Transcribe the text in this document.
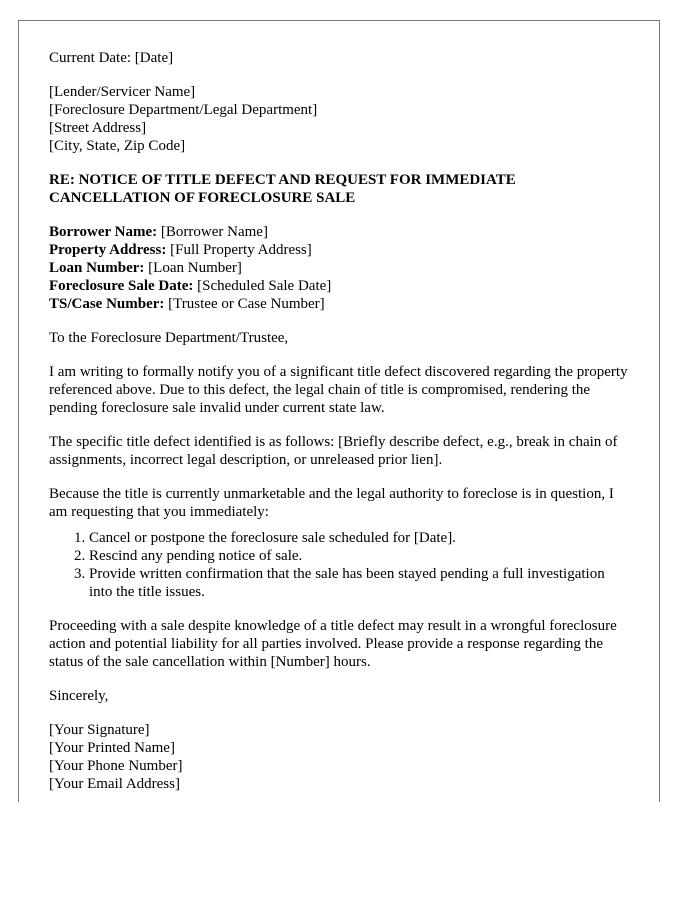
Current Date: [Date]
[Lender/Servicer Name]
[Foreclosure Department/Legal Department]
[Street Address]
[City, State, Zip Code]
RE: NOTICE OF TITLE DEFECT AND REQUEST FOR IMMEDIATE
CANCELLATION OF FORECLOSURE SALE
Borrower Name: [Borrower Name]
Property Address: [Full Property Address]
Loan Number: [Loan Number]
Foreclosure Sale Date: [Scheduled Sale Date]
TS/Case Number: [Trustee or Case Number]

To the Foreclosure Department/Trustee,

I am writing to formally notify you of a significant title defect discovered regarding the property referenced above. Due to this defect, the legal chain of title is compromised, rendering the pending foreclosure sale invalid under current state law.

The specific title defect identified is as follows: [Briefly describe defect, e.g., break in chain of assignments, incorrect legal description, or unreleased prior lien].

Because the title is currently unmarketable and the legal authority to foreclose is in question, I am requesting that you immediately:

1. Cancel or postpone the foreclosure sale scheduled for [Date].
2. Rescind any pending notice of sale.
3. Provide written confirmation that the sale has been stayed pending a full investigation into the title issues.

Proceeding with a sale despite knowledge of a title defect may result in a wrongful foreclosure action and potential liability for all parties involved. Please provide a response regarding the status of the sale cancellation within [Number] hours.

Sincerely,

[Your Signature]
[Your Printed Name]
[Your Phone Number]
[Your Email Address]
